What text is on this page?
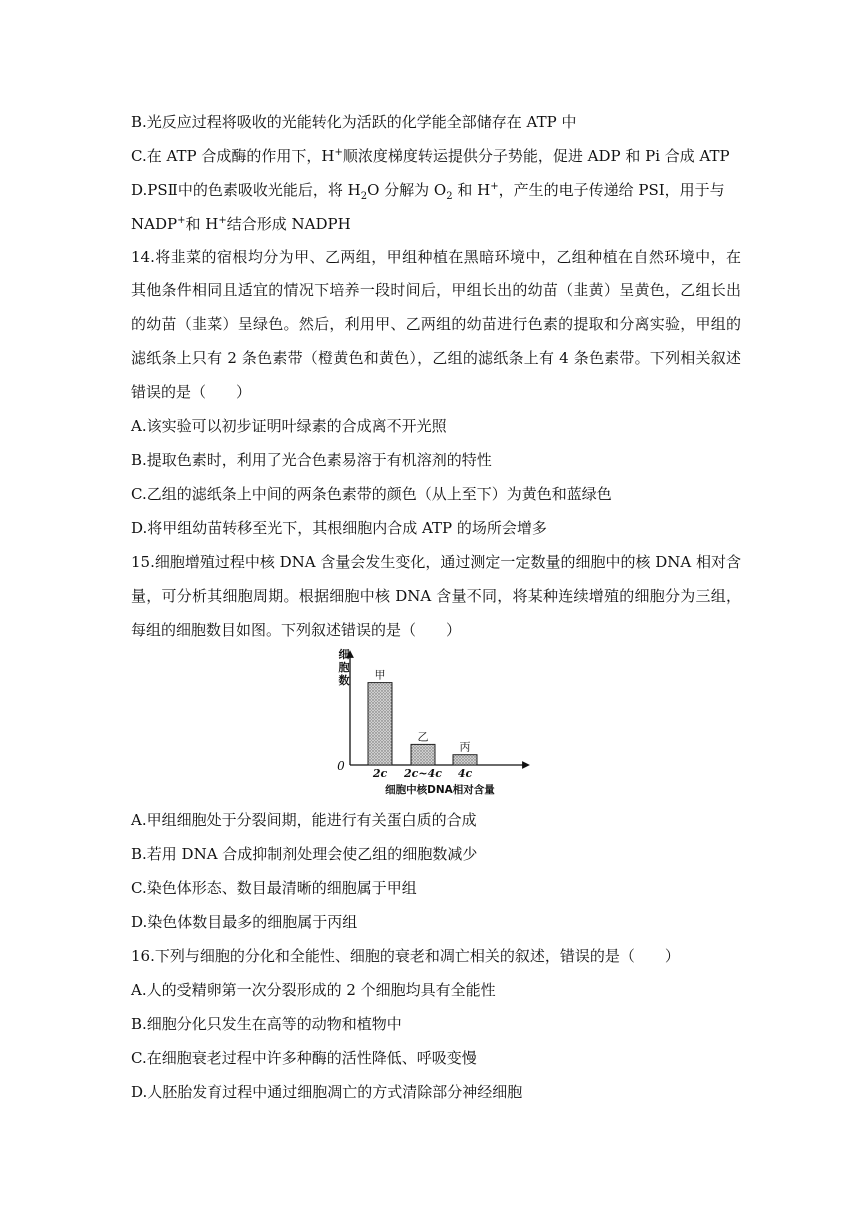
B.光反应过程将吸收的光能转化为活跃的化学能全部储存在 ATP 中
C.在 ATP 合成酶的作用下，H+顺浓度梯度转运提供分子势能，促进 ADP 和 Pi 合成 ATP
D.PSⅡ中的色素吸收光能后，将 $H_2O$ 分解为 $O_2$ 和 H+，产生的电子传递给 PSⅠ，用于与
NADP+和 H+结合形成 NADPH
14.将韭菜的宿根均分为甲、乙两组，甲组种植在黑暗环境中，乙组种植在自然环境中，在
其他条件相同且适宜的情况下培养一段时间后，甲组长出的幼苗（韭黄）呈黄色，乙组长出
的幼苗（韭菜）呈绿色。然后，利用甲、乙两组的幼苗进行色素的提取和分离实验，甲组的
滤纸条上只有 2 条色素带（橙黄色和黄色），乙组的滤纸条上有 4 条色素带。下列相关叙述
错误的是（　　）
A.该实验可以初步证明叶绿素的合成离不开光照
B.提取色素时，利用了光合色素易溶于有机溶剂的特性
C.乙组的滤纸条上中间的两条色素带的颜色（从上至下）为黄色和蓝绿色
D.将甲组幼苗转移至光下，其根细胞内合成 ATP 的场所会增多
15.细胞增殖过程中核 DNA 含量会发生变化，通过测定一定数量的细胞中的核 DNA 相对含
量，可分析其细胞周期。根据细胞中核 DNA 含量不同，将某种连续增殖的细胞分为三组，
每组的细胞数目如图。下列叙述错误的是（　　）
细
胞
数
0
甲
2c
乙
2c~4c
丙
4c
细胞中核DNA相对含量
A.甲组细胞处于分裂间期，能进行有关蛋白质的合成
B.若用 DNA 合成抑制剂处理会使乙组的细胞数减少
C.染色体形态、数目最清晰的细胞属于甲组
D.染色体数目最多的细胞属于丙组
16.下列与细胞的分化和全能性、细胞的衰老和凋亡相关的叙述，错误的是（　　）
A.人的受精卵第一次分裂形成的 2 个细胞均具有全能性
B.细胞分化只发生在高等的动物和植物中
C.在细胞衰老过程中许多种酶的活性降低、呼吸变慢
D.人胚胎发育过程中通过细胞凋亡的方式清除部分神经细胞
